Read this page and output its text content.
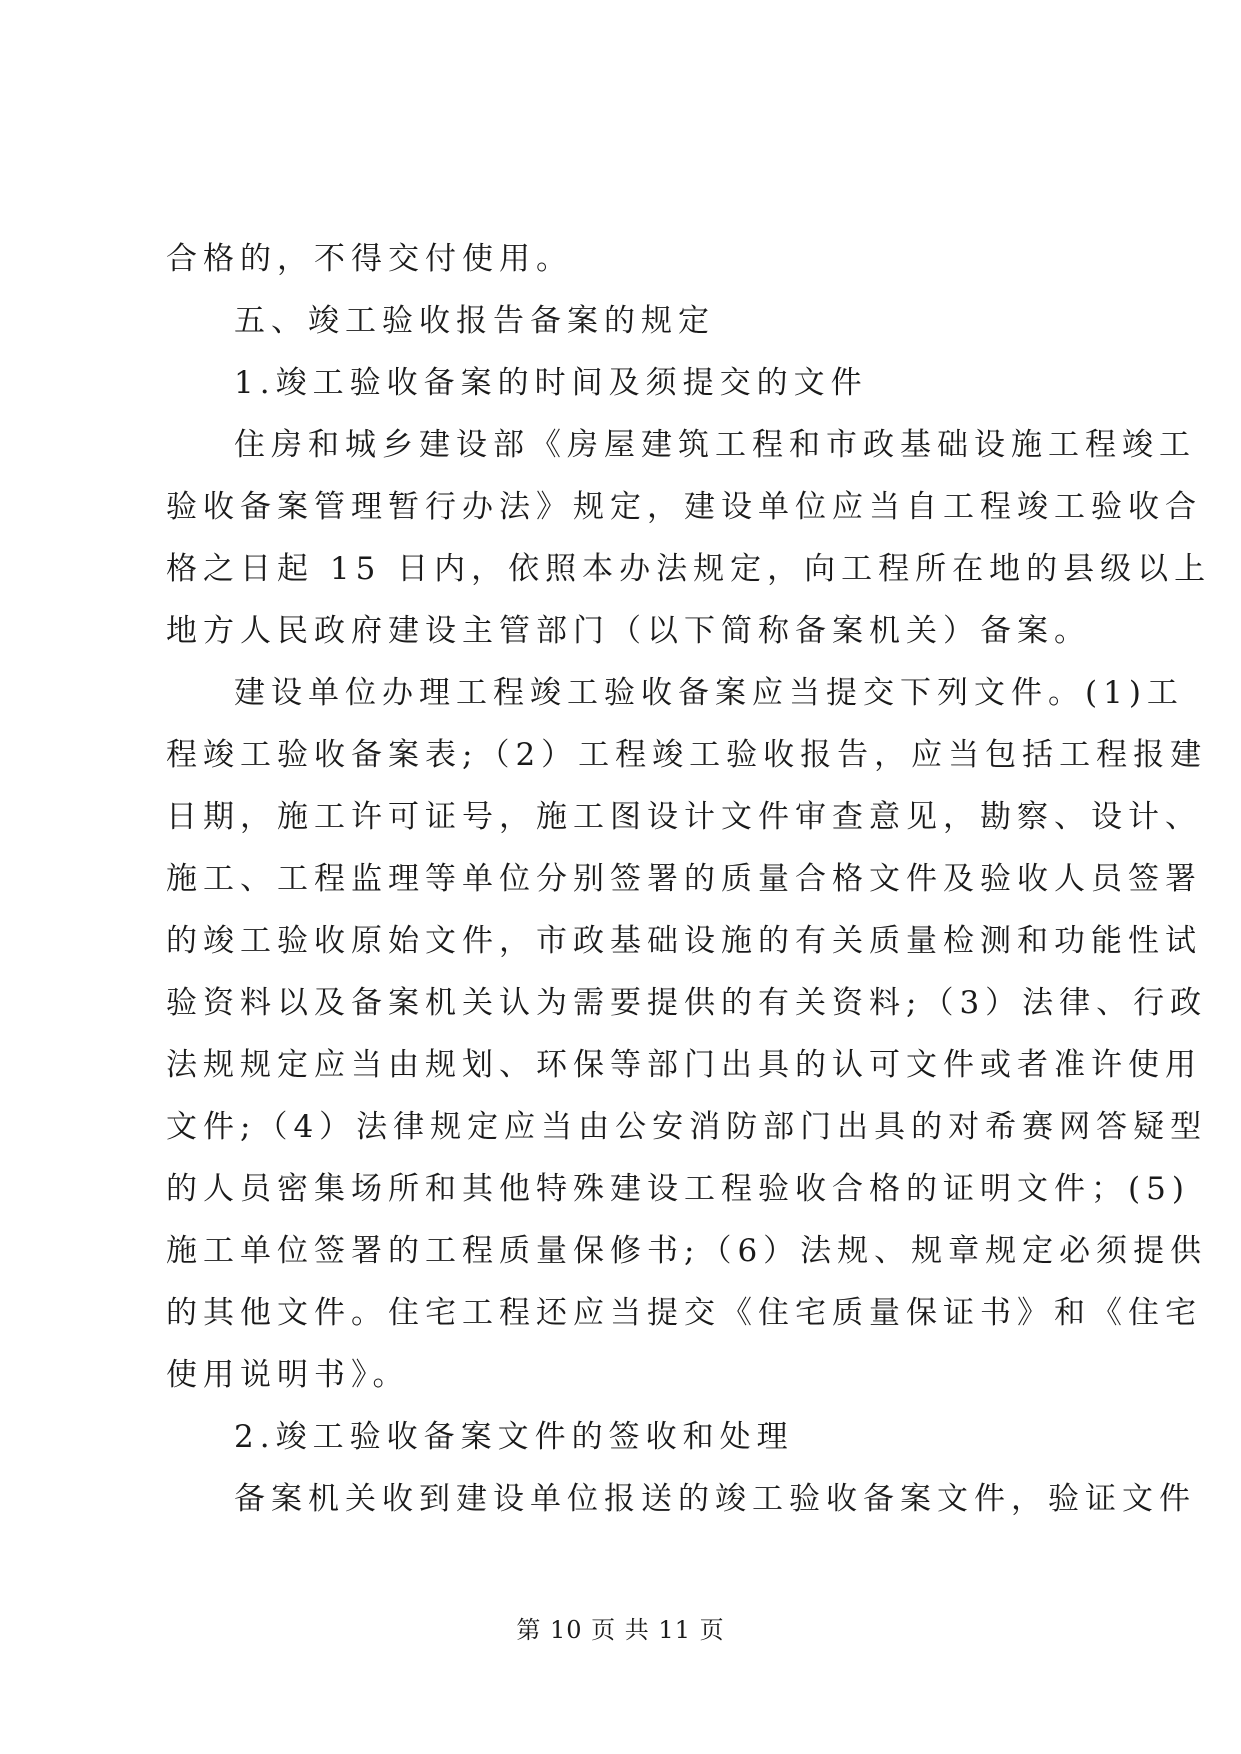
合格的，不得交付使用。
五、竣工验收报告备案的规定
1.竣工验收备案的时间及须提交的文件
住房和城乡建设部《房屋建筑工程和市政基础设施工程竣工
验收备案管理暂行办法》规定，建设单位应当自工程竣工验收合
格之日起 15 日内，依照本办法规定，向工程所在地的县级以上
地方人民政府建设主管部门（以下简称备案机关）备案。
建设单位办理工程竣工验收备案应当提交下列文件。(1)工
程竣工验收备案表;（2）工程竣工验收报告，应当包括工程报建
日期，施工许可证号，施工图设计文件审查意见，勘察、设计、
施工、工程监理等单位分别签署的质量合格文件及验收人员签署
的竣工验收原始文件，市政基础设施的有关质量检测和功能性试
验资料以及备案机关认为需要提供的有关资料;（3）法律、行政
法规规定应当由规划、环保等部门出具的认可文件或者准许使用
文件;（4）法律规定应当由公安消防部门出具的对希赛网答疑型
的人员密集场所和其他特殊建设工程验收合格的证明文件；(5)
施工单位签署的工程质量保修书;（6）法规、规章规定必须提供
的其他文件。住宅工程还应当提交《住宅质量保证书》和《住宅
使用说明书》。
2.竣工验收备案文件的签收和处理
备案机关收到建设单位报送的竣工验收备案文件，验证文件
第 10 页 共 11 页
